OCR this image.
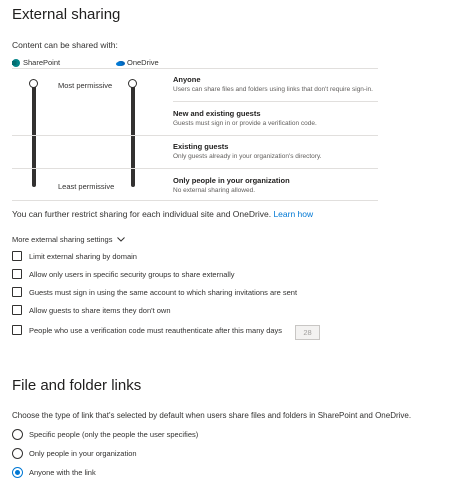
External sharing
Content can be shared with:
SharePoint	OneDrive
Most permissive
Least permissive
Anyone
Users can share files and folders using links that don't require sign-in.
New and existing guests
Guests must sign in or provide a verification code.
Existing guests
Only guests already in your organization's directory.
Only people in your organization
No external sharing allowed.
You can further restrict sharing for each individual site and OneDrive. Learn how
More external sharing settings
Limit external sharing by domain
Allow only users in specific security groups to share externally
Guests must sign in using the same account to which sharing invitations are sent
Allow guests to share items they don't own
People who use a verification code must reauthenticate after this many days	28
File and folder links
Choose the type of link that's selected by default when users share files and folders in SharePoint and OneDrive.
Specific people (only the people the user specifies)
Only people in your organization
Anyone with the link
